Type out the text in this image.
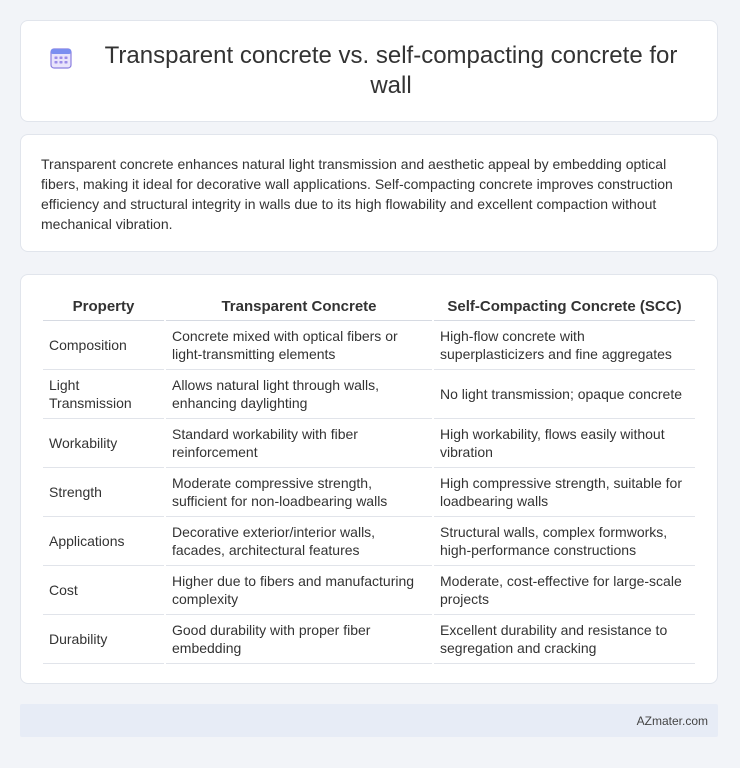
Transparent concrete vs. self-compacting concrete for wall

Transparent concrete enhances natural light transmission and aesthetic appeal by embedding optical fibers, making it ideal for decorative wall applications. Self-compacting concrete improves construction efficiency and structural integrity in walls due to its high flowability and excellent compaction without mechanical vibration.

Property	Transparent Concrete	Self-Compacting Concrete (SCC)
Composition	Concrete mixed with optical fibers or light-transmitting elements	High-flow concrete with superplasticizers and fine aggregates
Light Transmission	Allows natural light through walls, enhancing daylighting	No light transmission; opaque concrete
Workability	Standard workability with fiber reinforcement	High workability, flows easily without vibration
Strength	Moderate compressive strength, sufficient for non-loadbearing walls	High compressive strength, suitable for loadbearing walls
Applications	Decorative exterior/interior walls, facades, architectural features	Structural walls, complex formworks, high-performance constructions
Cost	Higher due to fibers and manufacturing complexity	Moderate, cost-effective for large-scale projects
Durability	Good durability with proper fiber embedding	Excellent durability and resistance to segregation and cracking
AZmater.com
